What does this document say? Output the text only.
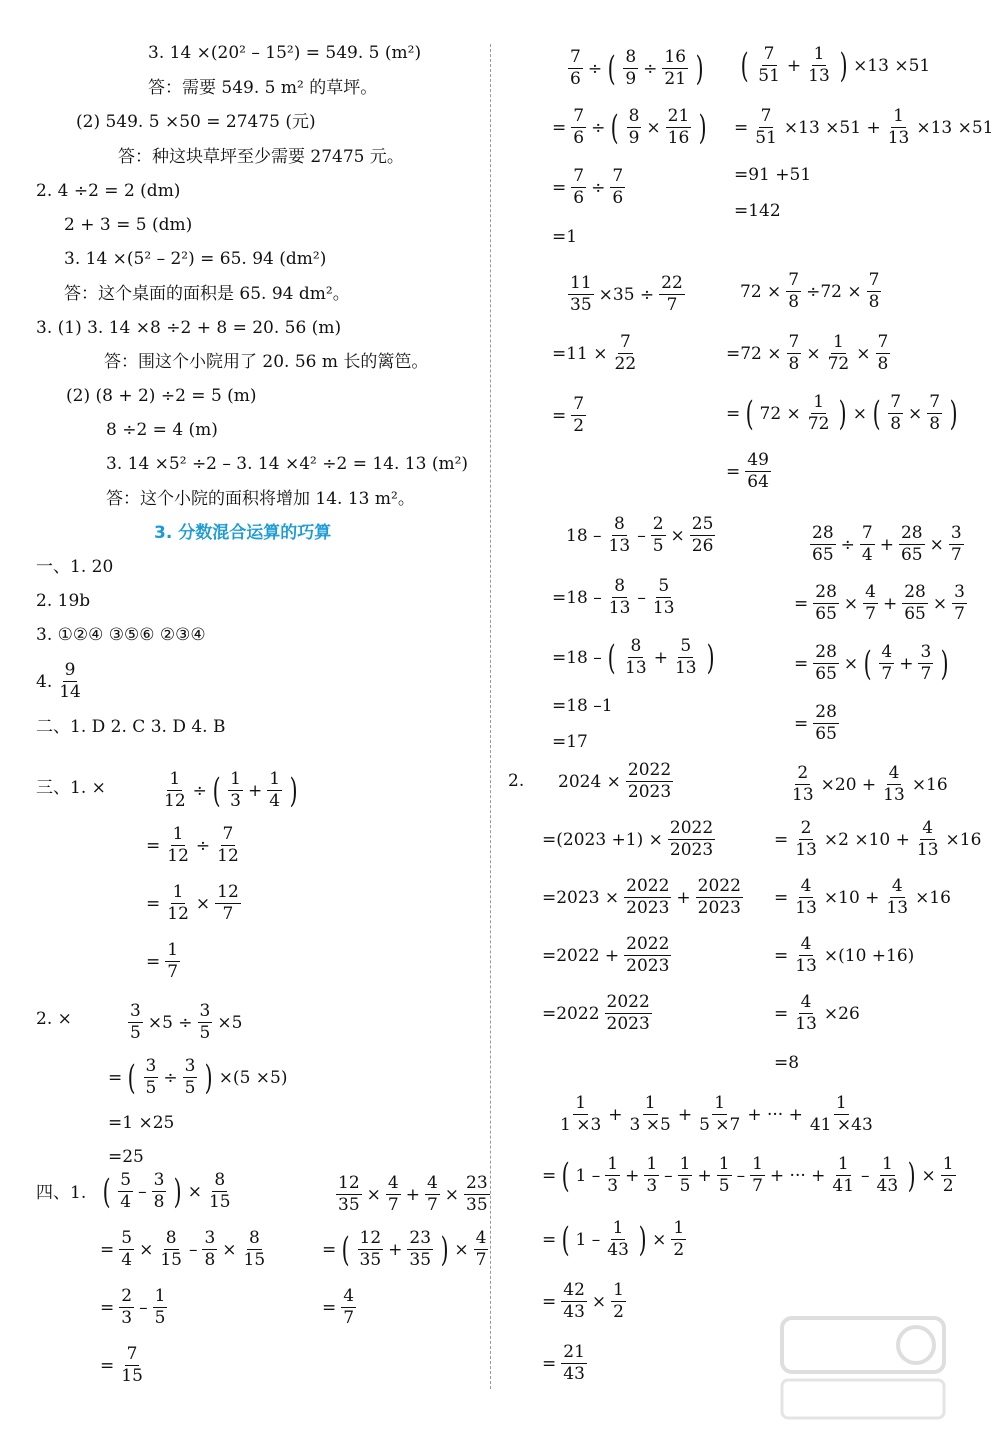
3. 14 ×(20² – 15²) = 549. 5 (m²)
答：需要 549. 5 m² 的草坪。
(2) 549. 5 ×50 = 27475 (元)
答：种这块草坪至少需要 27475 元。
2. 4 ÷2 = 2 (dm)
2 + 3 = 5 (dm)
3. 14 ×(5² – 2²) = 65. 94 (dm²)
答：这个桌面的面积是 65. 94 dm²。
3. (1) 3. 14 ×8 ÷2 + 8 = 20. 56 (m)
答：围这个小院用了 20. 56 m 长的篱笆。
(2) (8 + 2) ÷2 = 5 (m)
8 ÷2 = 4 (m)
3. 14 ×5² ÷2 – 3. 14 ×4² ÷2 = 14. 13 (m²)
答：这个小院的面积将增加 14. 13 m²。
3. 分数混合运算的巧算
一、1. 20
2. 19b
3. ①②④ ③⑤⑥ ②③④
4.
9
14
二、1. D 2. C 3. D 4. B
三、1. ×	1
12
÷ ( 1
3
+
1
4 )
=
1
12
÷
7
12
=
1
12
×
12
7
=
1
7
2. ×	3
5
×5 ÷
3
5
×5
= ( 3
5
÷
3
5 ) ×(5 ×5)
=1 ×25
=25
四、1. ( 5
4
–
3
8 ) ×
8
15
=
5
4
×
8
15
–
3
8
×
8
15
=
2
3
–
1
5
=
7
15
12
35
×
4
7
+
4
7
×
23
35
= ( 12
35
+
23
35 ) ×
4
7
=
4
7
7
6
÷ ( 8
9
÷
16
21 )
=
7
6
÷ ( 8
9
×
21
16 )
=
7
6
÷
7
6
=1
( 7
51
+
1
13 ) ×13 ×51
=
7
51
×13 ×51 +
1
13
×13 ×51
=91 +51
=142
11
35
×35 ÷
22
7
=11 ×
7
22
=
7
2
72 ×
7
8
÷72 ×
7
8
=72 ×
7
8
×
1
72
×
7
8
= ( 72 ×
1
72 ) × ( 7
8
×
7
8 )
=
49
64
18 –
8
13
–
2
5
×
25
26
=18 –
8
13
–
5
13
=18 – ( 8
13
+
5
13 )
=18 –1
=17
28
65
÷
7
4
+
28
65
×
3
7
=
28
65
×
4
7
+
28
65
×
3
7
=
28
65
× ( 4
7
+
3
7 )
=
28
65
2. 2024 ×
2022
2023
=(2023 +1) ×
2022
2023
=2023 ×
2022
2023
+
2022
2023
=2022 +
2022
2023
=2022
2022
2023
2
13
×20 +
4
13
×16
=
2
13
×2 ×10 +
4
13
×16
=
4
13
×10 +
4
13
×16
=
4
13
×(10 +16)
=
4
13
×26
=8
1
1 ×3
+
1
3 ×5
+
1
5 ×7
+ ··· +
1
41 ×43
= ( 1 –
1
3
+
1
3
–
1
5
+
1
5
–
1
7
+ ··· +
1
41
–
1
43 ) ×
1
2
= ( 1 –
1
43 ) ×
1
2
=
42
43
×
1
2
=
21
43
